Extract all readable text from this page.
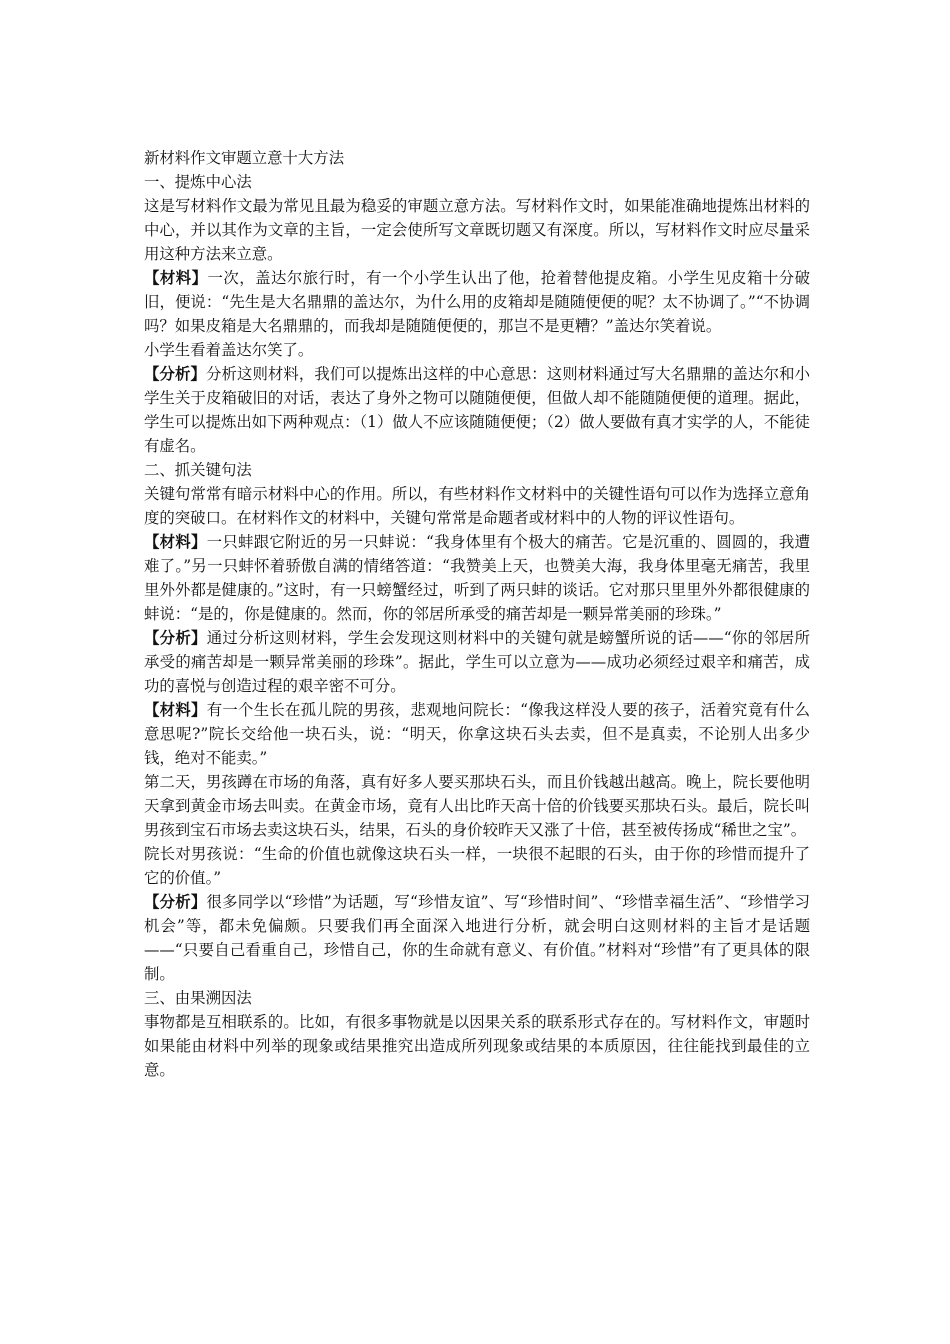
新材料作文审题立意十大方法

一、提炼中心法

这是写材料作文最为常见且最为稳妥的审题立意方法。写材料作文时，如果能准确地提炼出材料的中心，并以其作为文章的主旨，一定会使所写文章既切题又有深度。所以，写材料作文时应尽量采用这种方法来立意。

【材料】一次，盖达尔旅行时，有一个小学生认出了他，抢着替他提皮箱。小学生见皮箱十分破旧，便说：“先生是大名鼎鼎的盖达尔，为什么用的皮箱却是随随便便的呢？太不协调了。”“不协调吗？如果皮箱是大名鼎鼎的，而我却是随随便便的，那岂不是更糟？”盖达尔笑着说。

小学生看着盖达尔笑了。

【分析】分析这则材料，我们可以提炼出这样的中心意思：这则材料通过写大名鼎鼎的盖达尔和小学生关于皮箱破旧的对话，表达了身外之物可以随随便便，但做人却不能随随便便的道理。据此，学生可以提炼出如下两种观点：（1）做人不应该随随便便；（2）做人要做有真才实学的人，不能徒有虚名。

二、抓关键句法

关键句常常有暗示材料中心的作用。所以，有些材料作文材料中的关键性语句可以作为选择立意角度的突破口。在材料作文的材料中，关键句常常是命题者或材料中的人物的评议性语句。

【材料】一只蚌跟它附近的另一只蚌说：“我身体里有个极大的痛苦。它是沉重的、圆圆的，我遭难了。”另一只蚌怀着骄傲自满的情绪答道：“我赞美上天，也赞美大海，我身体里毫无痛苦，我里里外外都是健康的。”这时，有一只螃蟹经过，听到了两只蚌的谈话。它对那只里里外外都很健康的蚌说：“是的，你是健康的。然而，你的邻居所承受的痛苦却是一颗异常美丽的珍珠。”

【分析】通过分析这则材料，学生会发现这则材料中的关键句就是螃蟹所说的话——“你的邻居所承受的痛苦却是一颗异常美丽的珍珠”。据此，学生可以立意为——成功必须经过艰辛和痛苦，成功的喜悦与创造过程的艰辛密不可分。

【材料】有一个生长在孤儿院的男孩，悲观地问院长：“像我这样没人要的孩子，活着究竟有什么意思呢?”院长交给他一块石头，说：“明天，你拿这块石头去卖，但不是真卖，不论别人出多少钱，绝对不能卖。”

第二天，男孩蹲在市场的角落，真有好多人要买那块石头，而且价钱越出越高。晚上，院长要他明天拿到黄金市场去叫卖。在黄金市场，竟有人出比昨天高十倍的价钱要买那块石头。最后，院长叫男孩到宝石市场去卖这块石头，结果，石头的身价较昨天又涨了十倍，甚至被传扬成“稀世之宝”。

院长对男孩说：“生命的价值也就像这块石头一样，一块很不起眼的石头，由于你的珍惜而提升了它的价值。”

【分析】很多同学以“珍惜”为话题，写“珍惜友谊”、写“珍惜时间”、“珍惜幸福生活”、“珍惜学习机会”等，都未免偏颇。只要我们再全面深入地进行分析，就会明白这则材料的主旨才是话题——“只要自己看重自己，珍惜自己，你的生命就有意义、有价值。”材料对“珍惜”有了更具体的限制。

三、由果溯因法

事物都是互相联系的。比如，有很多事物就是以因果关系的联系形式存在的。写材料作文，审题时如果能由材料中列举的现象或结果推究出造成所列现象或结果的本质原因，往往能找到最佳的立意。
